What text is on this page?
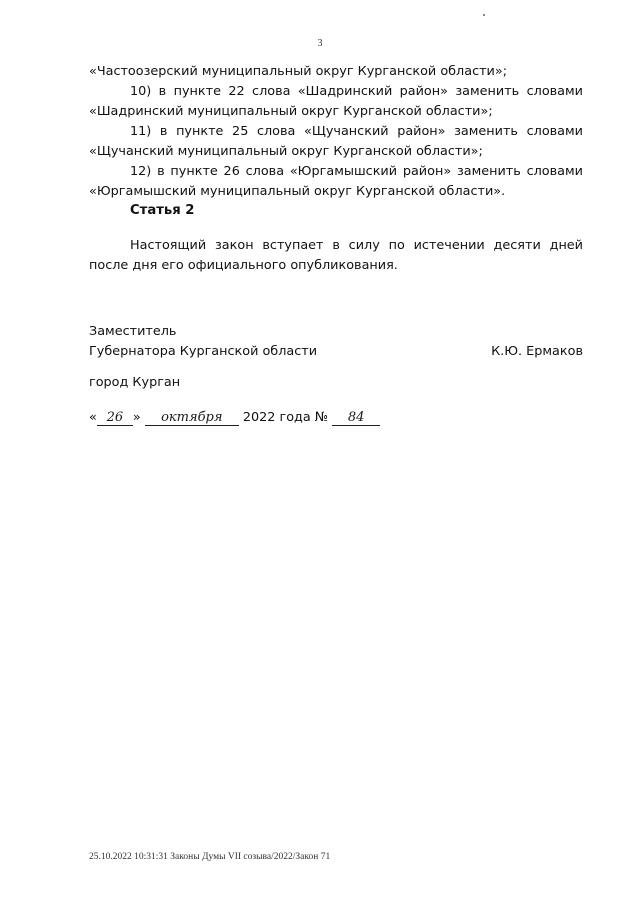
3

«Частоозерский муниципальный округ Курганской области»;

10) в пункте 22 слова «Шадринский район» заменить словами «Шадринский муниципальный округ Курганской области»;

11) в пункте 25 слова «Щучанский район» заменить словами «Щучанский муниципальный округ Курганской области»;

12) в пункте 26 слова «Юргамышский район» заменить словами «Юргамышский муниципальный округ Курганской области».

Статья 2

Настоящий закон вступает в силу по истечении десяти дней после дня его официального опубликования.

Заместитель
Губернатора Курганской области	К.Ю. Ермаков
город Курган
« 26 » октября 2022 года № 84
25.10.2022 10:31:31 Законы Думы VII созыва/2022/Закон 71
